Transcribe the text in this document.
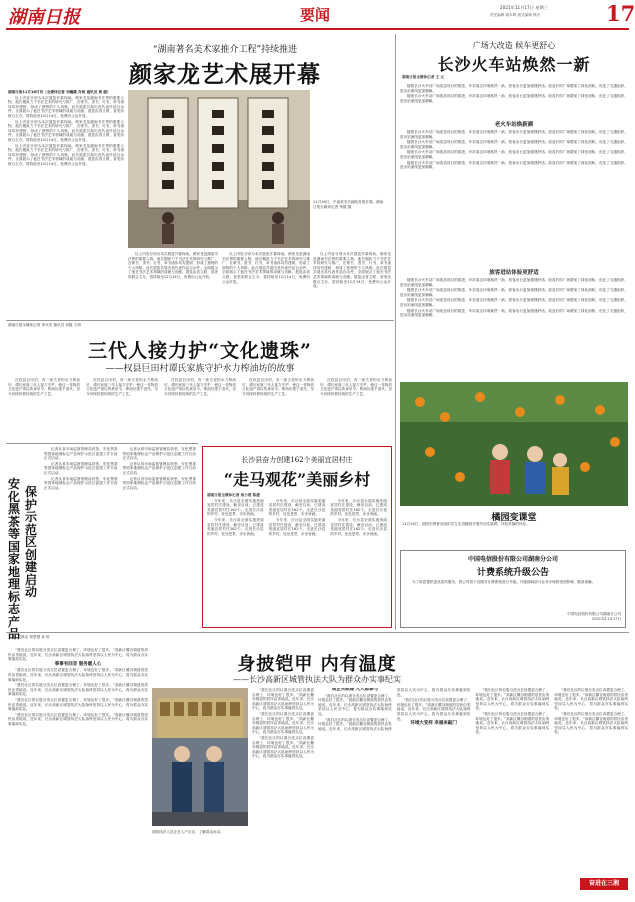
湖南日报	要闻	2021年11月17日 星期三
责任编辑 姚本辉 版式编辑 熊可	17
“湖南著名美术家推介工程”持续推进
颜家龙艺术展开幕

湖南日报11月16日讯（全媒体记者 刘瀚潇 肖杨 通讯员 黄 蔚）

以上内容分别为本次展览开幕现场。颜家龙是湖南书法界的重要人物，他长期致力于书法艺术的研究与推广，在篆书、隶书、行书、草书诸体均有建树，形成了独特的个人风格。此次展览共展出其代表作品百余件，全面展示了他在书法艺术领域的成就与贡献。展览由省文联、省美协联合主办，将持续至12月14日，免费向公众开放。

以上内容分别为本次展览开幕现场。颜家龙是湖南书法界的重要人物，他长期致力于书法艺术的研究与推广，在篆书、隶书、行书、草书诸体均有建树，形成了独特的个人风格。此次展览共展出其代表作品百余件，全面展示了他在书法艺术领域的成就与贡献。展览由省文联、省美协联合主办，将持续至12月14日，免费向公众开放。

以上内容分别为本次展览开幕现场。颜家龙是湖南书法界的重要人物，他长期致力于书法艺术的研究与推广，在篆书、隶书、行书、草书诸体均有建树，形成了独特的个人风格。此次展览共展出其代表作品百余件，全面展示了他在书法艺术领域的成就与贡献。展览由省文联、省美协联合主办，将持续至12月14日，免费向公众开放。

11月16日，中南美术书画院首展开幕。湖南日报全媒体记者 李健 摄

以上内容分别为本次展览开幕现场。颜家龙是湖南书法界的重要人物，他长期致力于书法艺术的研究与推广，在篆书、隶书、行书、草书诸体均有建树，形成了独特的个人风格。此次展览共展出其代表作品百余件，全面展示了他在书法艺术领域的成就与贡献。展览由省文联、省美协联合主办，将持续至12月14日，免费向公众开放。

以上内容分别为本次展览开幕现场。颜家龙是湖南书法界的重要人物，他长期致力于书法艺术的研究与推广，在篆书、隶书、行书、草书诸体均有建树，形成了独特的个人风格。此次展览共展出其代表作品百余件，全面展示了他在书法艺术领域的成就与贡献。展览由省文联、省美协联合主办，将持续至12月14日，免费向公众开放。

以上内容分别为本次展览开幕现场。颜家龙是湖南书法界的重要人物，他长期致力于书法艺术的研究与推广，在篆书、隶书、行书、草书诸体均有建树，形成了独特的个人风格。此次展览共展出其代表作品百余件，全面展示了他在书法艺术领域的成就与贡献。展览由省文联、省美协联合主办，将持续至12月14日，免费向公众开放。

广场大改造 候车更舒心
长沙火车站焕然一新
湖南日报全媒体记者 王 元

随着长沙火车站广场改造项目的推进，车站周边环境焕然一新，旅客出行更加便捷舒适。改造后的广场增加了绿化面积，优化了交通组织，进出站流线更加顺畅。

随着长沙火车站广场改造项目的推进，车站周边环境焕然一新，旅客出行更加便捷舒适。改造后的广场增加了绿化面积，优化了交通组织，进出站流线更加顺畅。

老火车站焕新颜

随着长沙火车站广场改造项目的推进，车站周边环境焕然一新，旅客出行更加便捷舒适。改造后的广场增加了绿化面积，优化了交通组织，进出站流线更加顺畅。

随着长沙火车站广场改造项目的推进，车站周边环境焕然一新，旅客出行更加便捷舒适。改造后的广场增加了绿化面积，优化了交通组织，进出站流线更加顺畅。

随着长沙火车站广场改造项目的推进，车站周边环境焕然一新，旅客出行更加便捷舒适。改造后的广场增加了绿化面积，优化了交通组织，进出站流线更加顺畅。

随着长沙火车站广场改造项目的推进，车站周边环境焕然一新，旅客出行更加便捷舒适。改造后的广场增加了绿化面积，优化了交通组织，进出站流线更加顺畅。

旅客进站体验更舒适

随着长沙火车站广场改造项目的推进，车站周边环境焕然一新，旅客出行更加便捷舒适。改造后的广场增加了绿化面积，优化了交通组织，进出站流线更加顺畅。

随着长沙火车站广场改造项目的推进，车站周边环境焕然一新，旅客出行更加便捷舒适。改造后的广场增加了绿化面积，优化了交通组织，进出站流线更加顺畅。

随着长沙火车站广场改造项目的推进，车站周边环境焕然一新，旅客出行更加便捷舒适。改造后的广场增加了绿化面积，优化了交通组织，进出站流线更加顺畅。

随着长沙火车站广场改造项目的推进，车站周边环境焕然一新，旅客出行更加便捷舒适。改造后的广场增加了绿化面积，优化了交通组织，进出站流线更加顺畅。

橘园变课堂
11月16日，浏阳市教育局组织学生走进橘园开展劳动实践课，体验采摘的快乐。
中国电信股份有限公司湖南分公司
计费系统升级公告

为了给您提供更优质的服务，我公司将于近期对计费系统进行升级。升级期间部分业务办理将受到影响，敬请谅解。

中国电信股份有限公司湖南分公司
2021年11月17日
湖南日报全媒体记者 李永亮 通讯员 刘磊 王明
三代人接力护“文化遗珠”
——权县巨田村谭氏家族守护水力榨油坊的故事

在权县巨田村，有一座古老的水力榨油坊，谭氏家族三代人接力守护，使这一非物质文化遗产得以传承至今。榨油坊建于清代，至今仍保持着传统的生产工艺。

在权县巨田村，有一座古老的水力榨油坊，谭氏家族三代人接力守护，使这一非物质文化遗产得以传承至今。榨油坊建于清代，至今仍保持着传统的生产工艺。

在权县巨田村，有一座古老的水力榨油坊，谭氏家族三代人接力守护，使这一非物质文化遗产得以传承至今。榨油坊建于清代，至今仍保持着传统的生产工艺。

在权县巨田村，有一座古老的水力榨油坊，谭氏家族三代人接力守护，使这一非物质文化遗产得以传承至今。榨油坊建于清代，至今仍保持着传统的生产工艺。

在权县巨田村，有一座古老的水力榨油坊，谭氏家族三代人接力守护，使这一非物质文化遗产得以传承至今。榨油坊建于清代，至今仍保持着传统的生产工艺。

安化黑茶等国家地理标志产品
保护示范区创建启动

记者从省市场监督管理局获悉，安化黑茶等国家地理标志产品保护示范区创建工作日前正式启动。

记者从省市场监督管理局获悉，安化黑茶等国家地理标志产品保护示范区创建工作日前正式启动。

记者从省市场监督管理局获悉，安化黑茶等国家地理标志产品保护示范区创建工作日前正式启动。

记者从省市场监督管理局获悉，安化黑茶等国家地理标志产品保护示范区创建工作日前正式启动。

记者从省市场监督管理局获悉，安化黑茶等国家地理标志产品保护示范区创建工作日前正式启动。

记者从省市场监督管理局获悉，安化黑茶等国家地理标志产品保护示范区创建工作日前正式启动。

长沙县奋力创建162个美丽宜居村庄
“走马观花”美丽乡村
湖南日报全媒体记者 周小燕 陈捷

今年来，长沙县全面实施美丽宜居村庄建设，截至目前，已建成美丽宜居村庄162个。走进长沙县的乡村，处处是景，步步皆画。

今年来，长沙县全面实施美丽宜居村庄建设，截至目前，已建成美丽宜居村庄162个。走进长沙县的乡村，处处是景，步步皆画。

今年来，长沙县全面实施美丽宜居村庄建设，截至目前，已建成美丽宜居村庄162个。走进长沙县的乡村，处处是景，步步皆画。

今年来，长沙县全面实施美丽宜居村庄建设，截至目前，已建成美丽宜居村庄162个。走进长沙县的乡村，处处是景，步步皆画。

今年来，长沙县全面实施美丽宜居村庄建设，截至目前，已建成美丽宜居村庄162个。走进长沙县的乡村，处处是景，步步皆画。

今年来，长沙县全面实施美丽宜居村庄建设，截至目前，已建成美丽宜居村庄162个。走进长沙县的乡村，处处是景，步步皆画。

王 斌 袁维克 郑梦慧 孙 恒
身披铠甲 内有温度
——长沙高新区城管执法大队为群众办实事纪实

“我们社区的垃圾分类点位设置更合理了，环境也好了很多。”高新区麓谷街道的居民由衷地说。近年来，长沙高新区城管执法大队始终坚持以人民为中心，将为群众办实事落到实处。

事事有回音 服务暖人心

“我们社区的垃圾分类点位设置更合理了，环境也好了很多。”高新区麓谷街道的居民由衷地说。近年来，长沙高新区城管执法大队始终坚持以人民为中心，将为群众办实事落到实处。

“我们社区的垃圾分类点位设置更合理了，环境也好了很多。”高新区麓谷街道的居民由衷地说。近年来，长沙高新区城管执法大队始终坚持以人民为中心，将为群众办实事落到实处。

“我们社区的垃圾分类点位设置更合理了，环境也好了很多。”高新区麓谷街道的居民由衷地说。近年来，长沙高新区城管执法大队始终坚持以人民为中心，将为群众办实事落到实处。

“我们社区的垃圾分类点位设置更合理了，环境也好了很多。”高新区麓谷街道的居民由衷地说。近年来，长沙高新区城管执法大队始终坚持以人民为中心，将为群众办实事落到实处。

城管执法人员正在入户走访，了解群众诉求。

“我们社区的垃圾分类点位设置更合理了，环境也好了很多。”高新区麓谷街道的居民由衷地说。近年来，长沙高新区城管执法大队始终坚持以人民为中心，将为群众办实事落到实处。

“我们社区的垃圾分类点位设置更合理了，环境也好了很多。”高新区麓谷街道的居民由衷地说。近年来，长沙高新区城管执法大队始终坚持以人民为中心，将为群众办实事落到实处。

“我们社区的垃圾分类点位设置更合理了，环境也好了很多。”高新区麓谷街道的居民由衷地说。近年来，长沙高新区城管执法大队始终坚持以人民为中心，将为群众办实事落到实处。

城企共联建 人人都参与

“我们社区的垃圾分类点位设置更合理了，环境也好了很多。”高新区麓谷街道的居民由衷地说。近年来，长沙高新区城管执法大队始终坚持以人民为中心，将为群众办实事落到实处。

“我们社区的垃圾分类点位设置更合理了，环境也好了很多。”高新区麓谷街道的居民由衷地说。近年来，长沙高新区城管执法大队始终坚持以人民为中心，将为群众办实事落到实处。

“我们社区的垃圾分类点位设置更合理了，环境也好了很多。”高新区麓谷街道的居民由衷地说。近年来，长沙高新区城管执法大队始终坚持以人民为中心，将为群众办实事落到实处。

环境大变样 幸福来敲门

“我们社区的垃圾分类点位设置更合理了，环境也好了很多。”高新区麓谷街道的居民由衷地说。近年来，长沙高新区城管执法大队始终坚持以人民为中心，将为群众办实事落到实处。

“我们社区的垃圾分类点位设置更合理了，环境也好了很多。”高新区麓谷街道的居民由衷地说。近年来，长沙高新区城管执法大队始终坚持以人民为中心，将为群众办实事落到实处。

“我们社区的垃圾分类点位设置更合理了，环境也好了很多。”高新区麓谷街道的居民由衷地说。近年来，长沙高新区城管执法大队始终坚持以人民为中心，将为群众办实事落到实处。

“我们社区的垃圾分类点位设置更合理了，环境也好了很多。”高新区麓谷街道的居民由衷地说。近年来，长沙高新区城管执法大队始终坚持以人民为中心，将为群众办实事落到实处。

奋进在三湘
